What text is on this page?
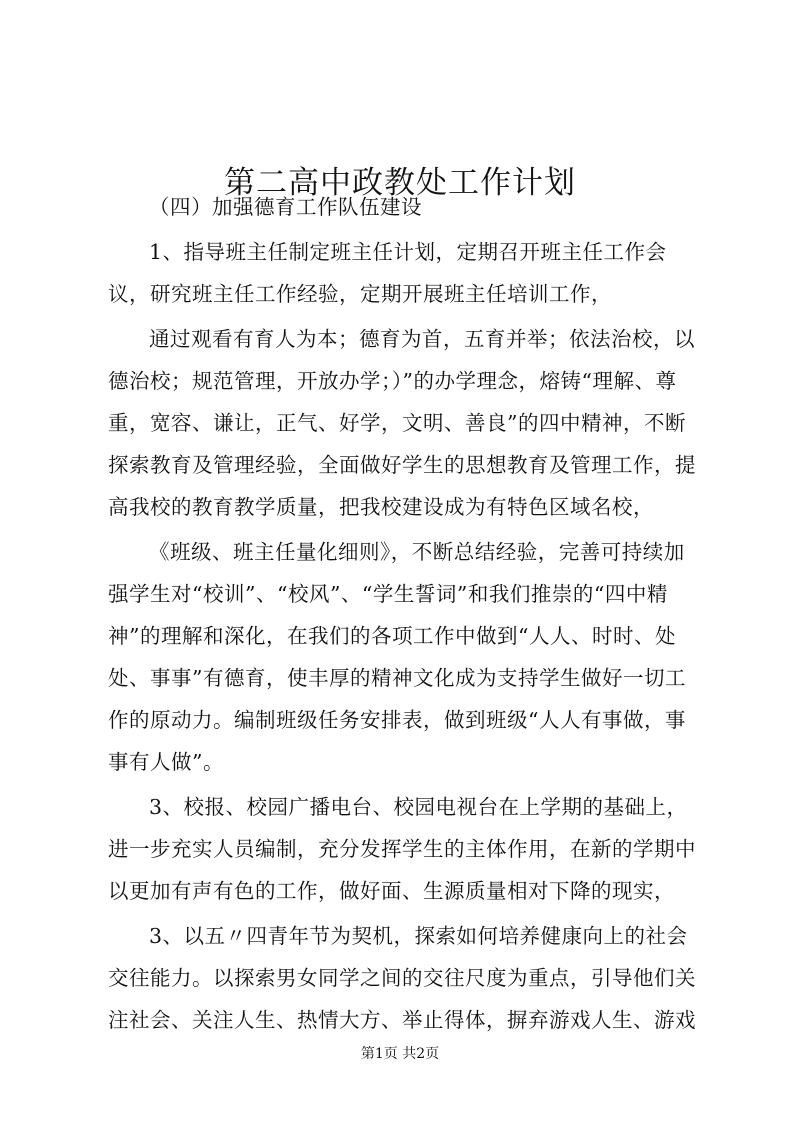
第二高中政教处工作计划

（四）加强德育工作队伍建设

1、指导班主任制定班主任计划，定期召开班主任工作会议，研究班主任工作经验，定期开展班主任培训工作，

通过观看有育人为本；德育为首，五育并举；依法治校，以德治校；规范管理，开放办学；）”的办学理念，熔铸“理解、尊重，宽容、谦让，正气、好学，文明、善良”的四中精神，不断探索教育及管理经验，全面做好学生的思想教育及管理工作，提高我校的教育教学质量，把我校建设成为有特色区域名校，

《班级、班主任量化细则》，不断总结经验，完善可持续加强学生对“校训”、“校风”、“学生誓词”和我们推崇的“四中精神”的理解和深化，在我们的各项工作中做到“人人、时时、处处、事事”有德育，使丰厚的精神文化成为支持学生做好一切工作的原动力。编制班级任务安排表，做到班级“人人有事做，事事有人做”。

3、校报、校园广播电台、校园电视台在上学期的基础上，进一步充实人员编制，充分发挥学生的主体作用，在新的学期中以更加有声有色的工作，做好面、生源质量相对下降的现实，

3、以五〃四青年节为契机，探索如何培养健康向上的社会交往能力。以探索男女同学之间的交往尺度为重点，引导他们关注社会、关注人生、热情大方、举止得体，摒弃游戏人生、游戏

第1页 共2页
